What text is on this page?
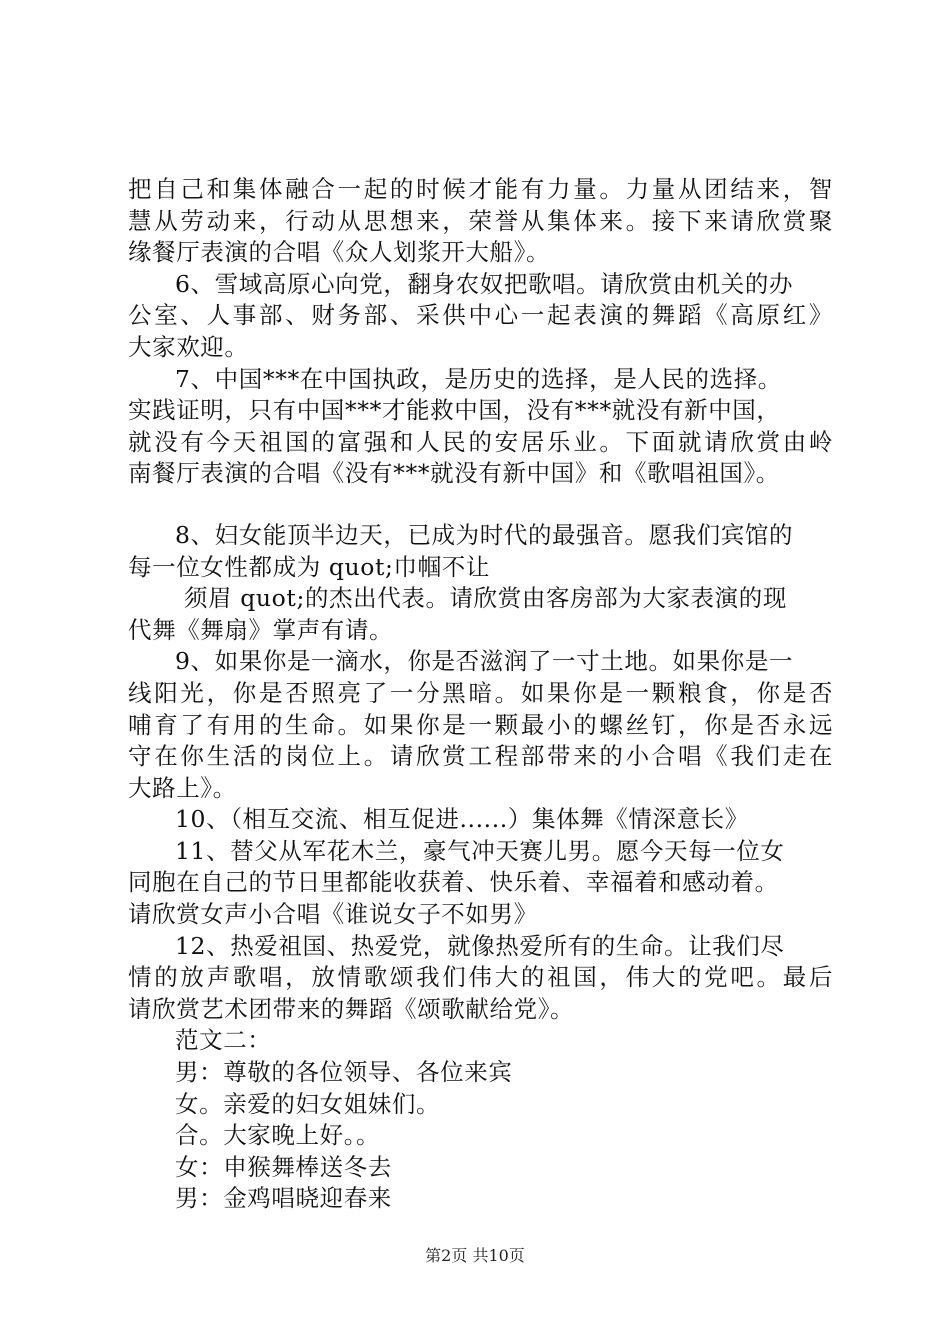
把自己和集体融合一起的时候才能有力量。力量从团结来，智
慧从劳动来，行动从思想来，荣誉从集体来。接下来请欣赏聚
缘餐厅表演的合唱《众人划浆开大船》。
6、雪域高原心向党，翻身农奴把歌唱。请欣赏由机关的办
公室、人事部、财务部、采供中心一起表演的舞蹈《高原红》
大家欢迎。
7、中国***在中国执政，是历史的选择，是人民的选择。
实践证明，只有中国***才能救中国，没有***就没有新中国，
就没有今天祖国的富强和人民的安居乐业。下面就请欣赏由岭
南餐厅表演的合唱《没有***就没有新中国》和《歌唱祖国》。
8、妇女能顶半边天，已成为时代的最强音。愿我们宾馆的
每一位女性都成为 quot;巾帼不让
须眉 quot;的杰出代表。请欣赏由客房部为大家表演的现
代舞《舞扇》掌声有请。
9、如果你是一滴水，你是否滋润了一寸土地。如果你是一
线阳光，你是否照亮了一分黑暗。如果你是一颗粮食，你是否
哺育了有用的生命。如果你是一颗最小的螺丝钉，你是否永远
守在你生活的岗位上。请欣赏工程部带来的小合唱《我们走在
大路上》。
10、（相互交流、相互促进......）集体舞《情深意长》
11、替父从军花木兰，豪气冲天赛儿男。愿今天每一位女
同胞在自己的节日里都能收获着、快乐着、幸福着和感动着。
请欣赏女声小合唱《谁说女子不如男》
12、热爱祖国、热爱党，就像热爱所有的生命。让我们尽
情的放声歌唱，放情歌颂我们伟大的祖国，伟大的党吧。最后
请欣赏艺术团带来的舞蹈《颂歌献给党》。
范文二：
男：尊敬的各位领导、各位来宾
女。亲爱的妇女姐妹们。
合。大家晚上好。。
女：申猴舞棒送冬去
男：金鸡唱晓迎春来
第2页 共10页
